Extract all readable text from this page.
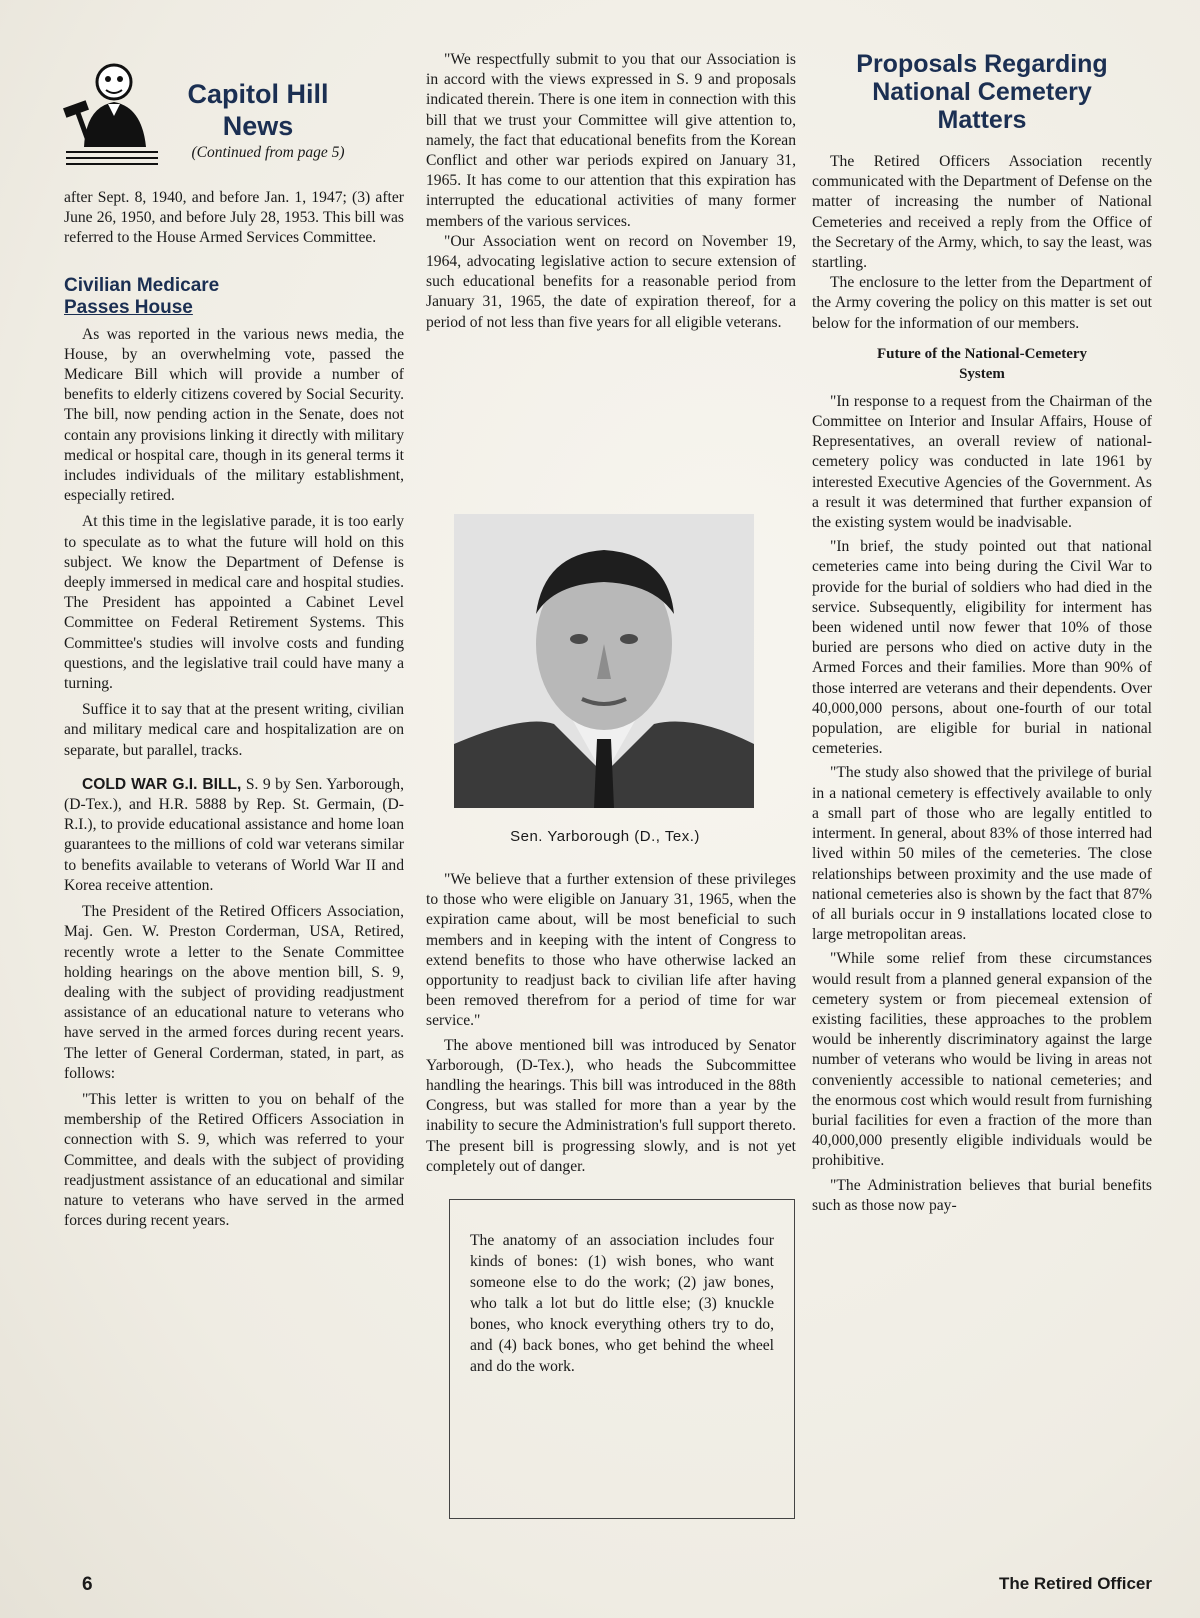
Capitol Hill
News
(Continued from page 5)

after Sept. 8, 1940, and before Jan. 1, 1947; (3) after June 26, 1950, and before July 28, 1953. This bill was referred to the House Armed Services Committee.

Civilian Medicare
Passes House

As was reported in the various news media, the House, by an overwhelming vote, passed the Medicare Bill which will provide a number of benefits to elderly citizens covered by Social Security. The bill, now pending action in the Senate, does not contain any provisions linking it directly with military medical or hospital care, though in its general terms it includes individuals of the military establishment, especially retired.

At this time in the legislative parade, it is too early to speculate as to what the future will hold on this subject. We know the Department of Defense is deeply immersed in medical care and hospital studies. The President has appointed a Cabinet Level Committee on Federal Retirement Systems. This Committee's studies will involve costs and funding questions, and the legislative trail could have many a turning.

Suffice it to say that at the present writing, civilian and military medical care and hospitalization are on separate, but parallel, tracks.

COLD WAR G.I. BILL, S. 9 by Sen. Yarborough, (D-Tex.), and H.R. 5888 by Rep. St. Germain, (D-R.I.), to provide educational assistance and home loan guarantees to the millions of cold war veterans similar to benefits available to veterans of World War II and Korea receive attention.

The President of the Retired Officers Association, Maj. Gen. W. Preston Corderman, USA, Retired, recently wrote a letter to the Senate Committee holding hearings on the above mention bill, S. 9, dealing with the subject of providing readjustment assistance of an educational nature to veterans who have served in the armed forces during recent years. The letter of General Corderman, stated, in part, as follows:

"This letter is written to you on behalf of the membership of the Retired Officers Association in connection with S. 9, which was referred to your Committee, and deals with the subject of providing readjustment assistance of an educational and similar nature to veterans who have served in the armed forces during recent years.

"We respectfully submit to you that our Association is in accord with the views expressed in S. 9 and proposals indicated therein. There is one item in connection with this bill that we trust your Committee will give attention to, namely, the fact that educational benefits from the Korean Conflict and other war periods expired on January 31, 1965. It has come to our attention that this expiration has interrupted the educational activities of many former members of the various services.

"Our Association went on record on November 19, 1964, advocating legislative action to secure extension of such educational benefits for a reasonable period from January 31, 1965, the date of expiration thereof, for a period of not less than five years for all eligible veterans.

Sen. Yarborough (D., Tex.)

"We believe that a further extension of these privileges to those who were eligible on January 31, 1965, when the expiration came about, will be most beneficial to such members and in keeping with the intent of Congress to extend benefits to those who have otherwise lacked an opportunity to readjust back to civilian life after having been removed therefrom for a period of time for war service."

The above mentioned bill was introduced by Senator Yarborough, (D-Tex.), who heads the Subcommittee handling the hearings. This bill was introduced in the 88th Congress, but was stalled for more than a year by the inability to secure the Administration's full support thereto. The present bill is progressing slowly, and is not yet completely out of danger.

The anatomy of an association includes four kinds of bones: (1) wish bones, who want someone else to do the work; (2) jaw bones, who talk a lot but do little else; (3) knuckle bones, who knock everything others try to do, and (4) back bones, who get behind the wheel and do the work.

Proposals Regarding
National Cemetery
Matters

The Retired Officers Association recently communicated with the Department of Defense on the matter of increasing the number of National Cemeteries and received a reply from the Office of the Secretary of the Army, which, to say the least, was startling.

The enclosure to the letter from the Department of the Army covering the policy on this matter is set out below for the information of our members.

Future of the National-Cemetery
System

"In response to a request from the Chairman of the Committee on Interior and Insular Affairs, House of Representatives, an overall review of national-cemetery policy was conducted in late 1961 by interested Executive Agencies of the Government. As a result it was determined that further expansion of the existing system would be inadvisable.

"In brief, the study pointed out that national cemeteries came into being during the Civil War to provide for the burial of soldiers who had died in the service. Subsequently, eligibility for interment has been widened until now fewer that 10% of those buried are persons who died on active duty in the Armed Forces and their families. More than 90% of those interred are veterans and their dependents. Over 40,000,000 persons, about one-fourth of our total population, are eligible for burial in national cemeteries.

"The study also showed that the privilege of burial in a national cemetery is effectively available to only a small part of those who are legally entitled to interment. In general, about 83% of those interred had lived within 50 miles of the cemeteries. The close relationships between proximity and the use made of national cemeteries also is shown by the fact that 87% of all burials occur in 9 installations located close to large metropolitan areas.

"While some relief from these circumstances would result from a planned general expansion of the cemetery system or from piecemeal extension of existing facilities, these approaches to the problem would be inherently discriminatory against the large number of veterans who would be living in areas not conveniently accessible to national cemeteries; and the enormous cost which would result from furnishing burial facilities for even a fraction of the more than 40,000,000 presently eligible individuals would be prohibitive.

"The Administration believes that burial benefits such as those now pay-

6	The Retired Officer
